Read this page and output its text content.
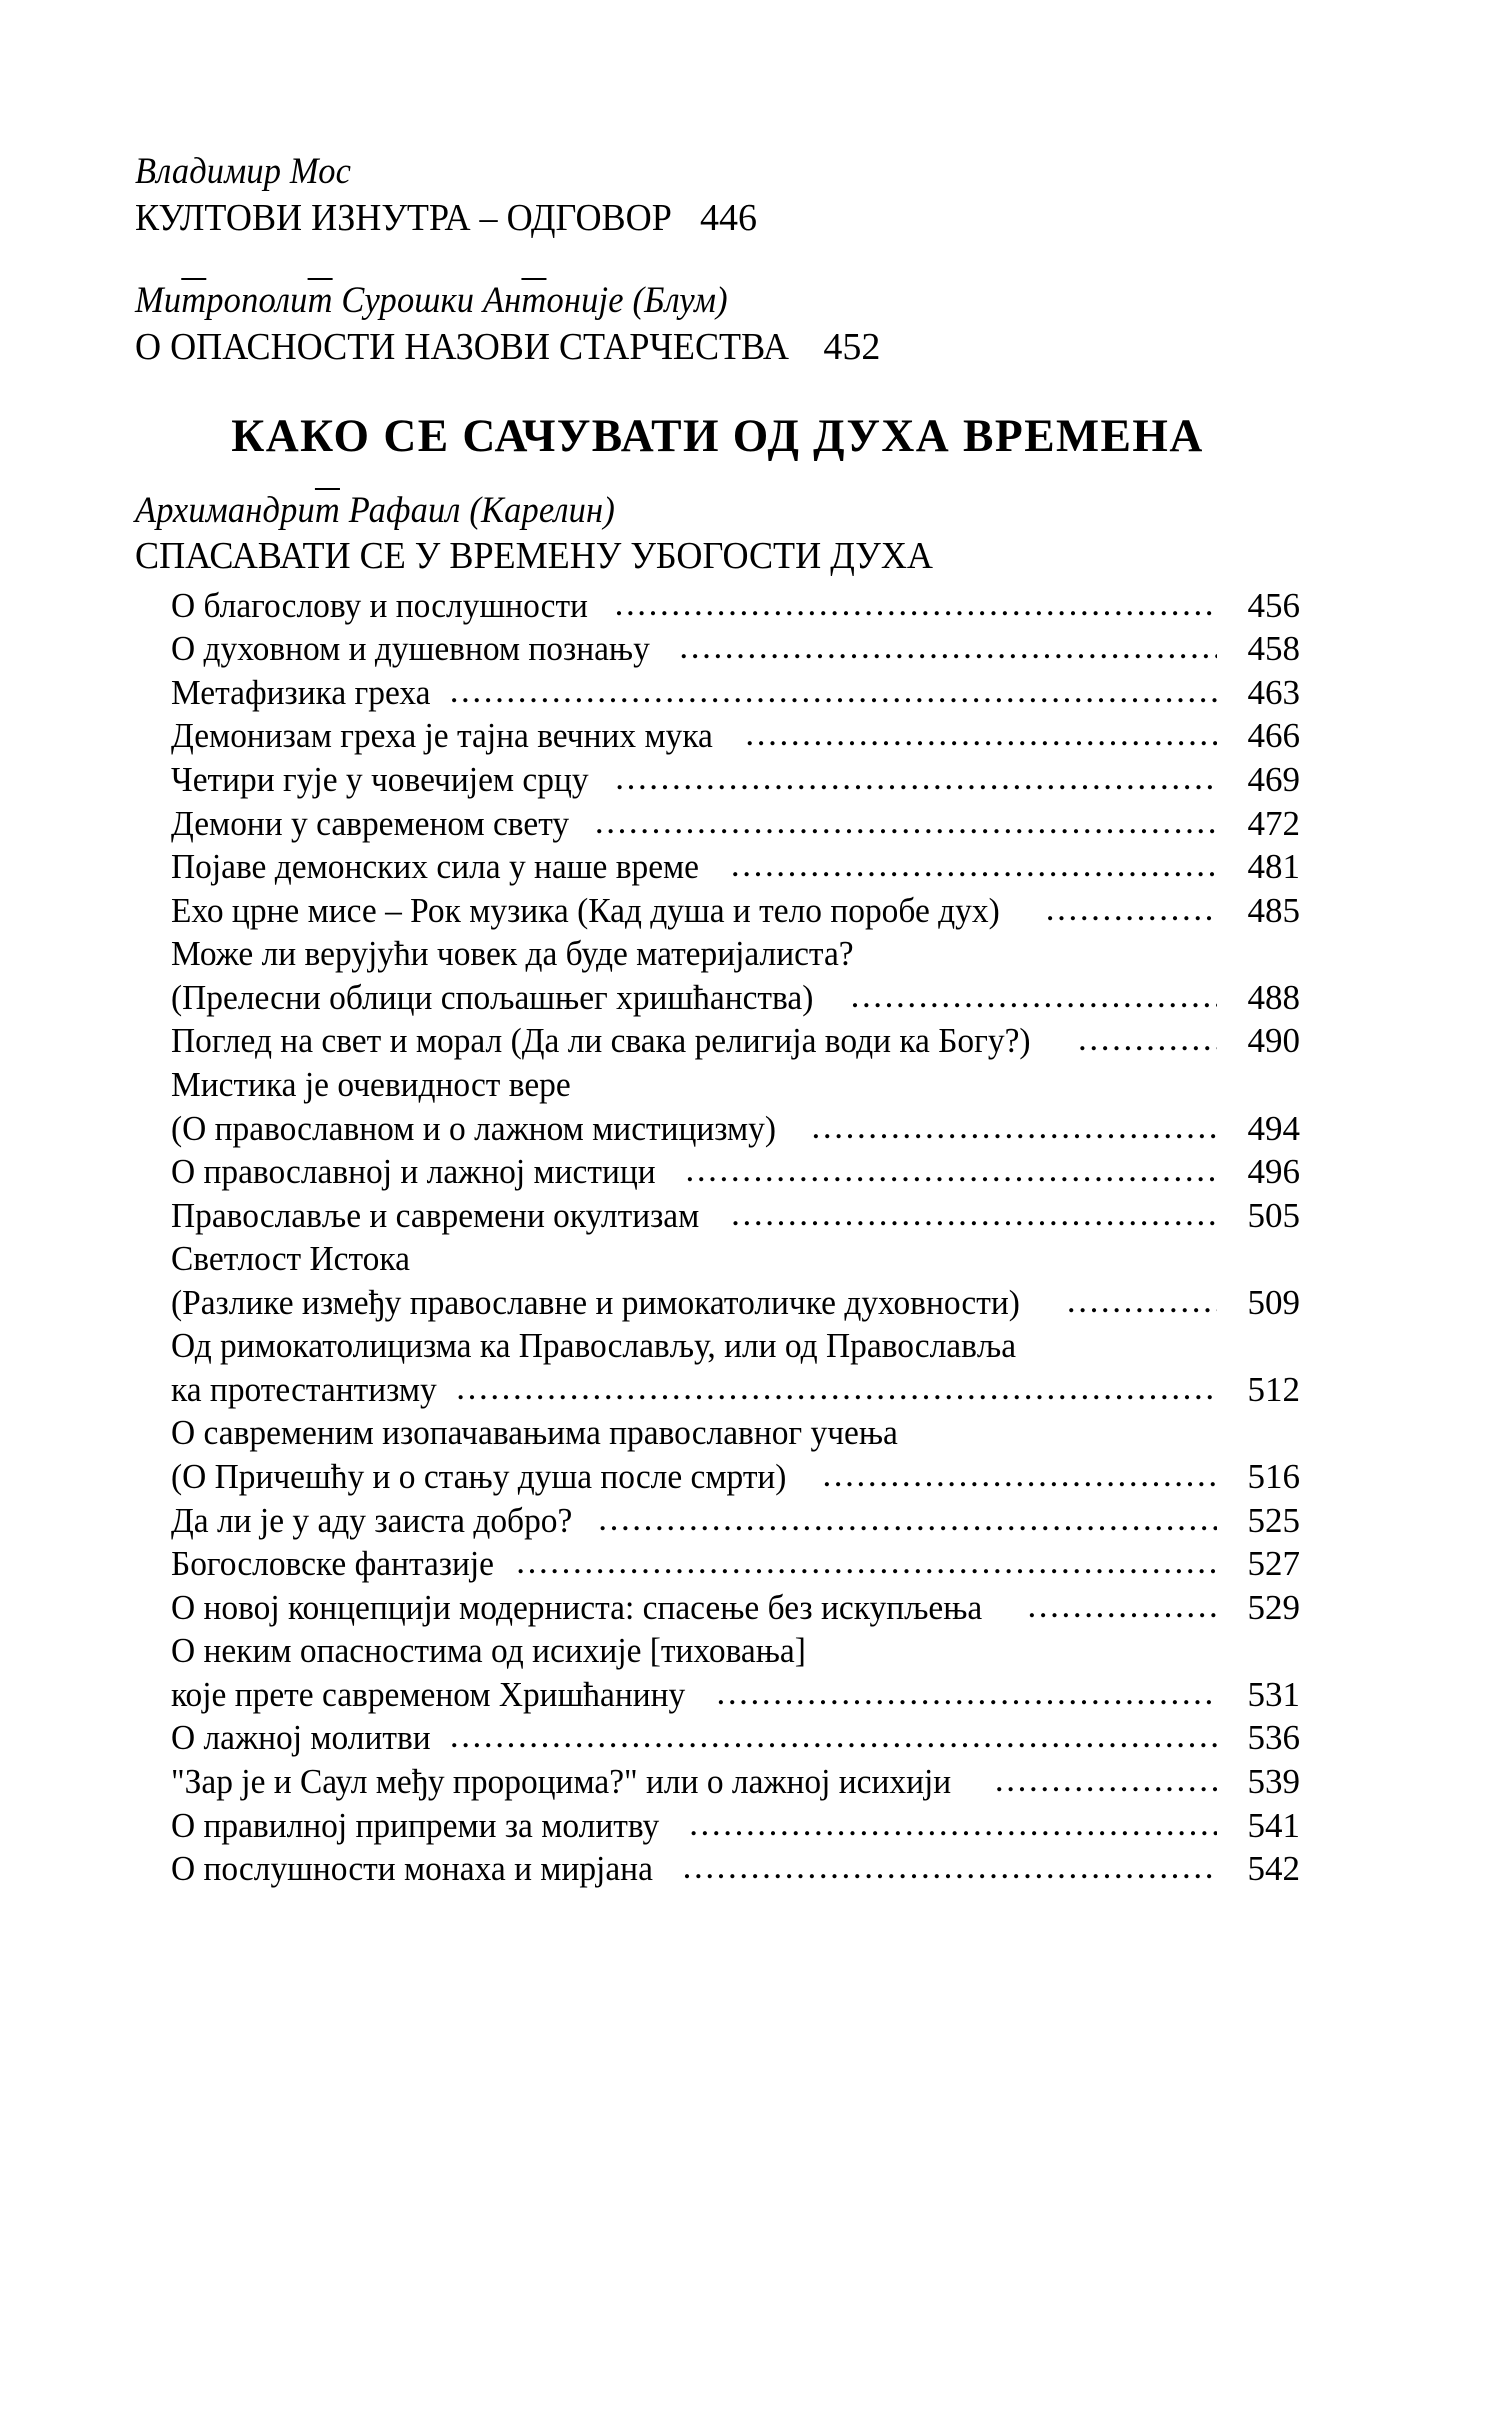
Владимир Мос
КУЛТОВИ ИЗНУТРА – ОДГОВОР 446
Митрополит Сурошки Антоније (Блум)
О ОПАСНОСТИ НАЗОВИ СТАРЧЕСТВА 452
КАКО СЕ САЧУВАТИ ОД ДУХА ВРЕМЕНА
Архимандрит Рафаил (Карелин)
СПАСАВАТИ СЕ У ВРЕМЕНУ УБОГОСТИ ДУХА
О благослову и послушности .....	456
О духовном и душевном познању .....	458
Метафизика греха .....	463
Демонизам греха је тајна вечних мука .....	466
Четири гује у човечијем срцу .....	469
Демони у савременом свету .....	472
Појаве демонских сила у наше време .....	481
Ехо црне мисе – Рок музика (Кад душа и тело поробе дух) .....	485
Може ли верујући човек да буде материјалиста?
(Прелесни облици спољашњег хришћанства) .....	488
Поглед на свет и морал (Да ли свака религија води ка Богу?) .....	490
Мистика је очевидност вере
(О православном и о лажном мистицизму) .....	494
О православној и лажној мистици .....	496
Православље и савремени окултизам .....	505
Светлост Истока
(Разлике између православне и римокатоличке духовности) .....	509
Од римокатолицизма ка Православљу, или од Православља
ка протестантизму .....	512
О савременим изопачавањима православног учења
(О Причешћу и о стању душа после смрти) .....	516
Да ли је у аду заиста добро? .....	525
Богословске фантазије .....	527
О новој концепцији модерниста: спасење без искупљења .....	529
О неким опасностима од исихије [тиховања]
које прете савременом Хришћанину .....	531
О лажној молитви .....	536
"Зар је и Саул међу пророцима?" или о лажној исихији .....	539
О правилној припреми за молитву .....	541
О послушности монаха и мирјана .....	542
